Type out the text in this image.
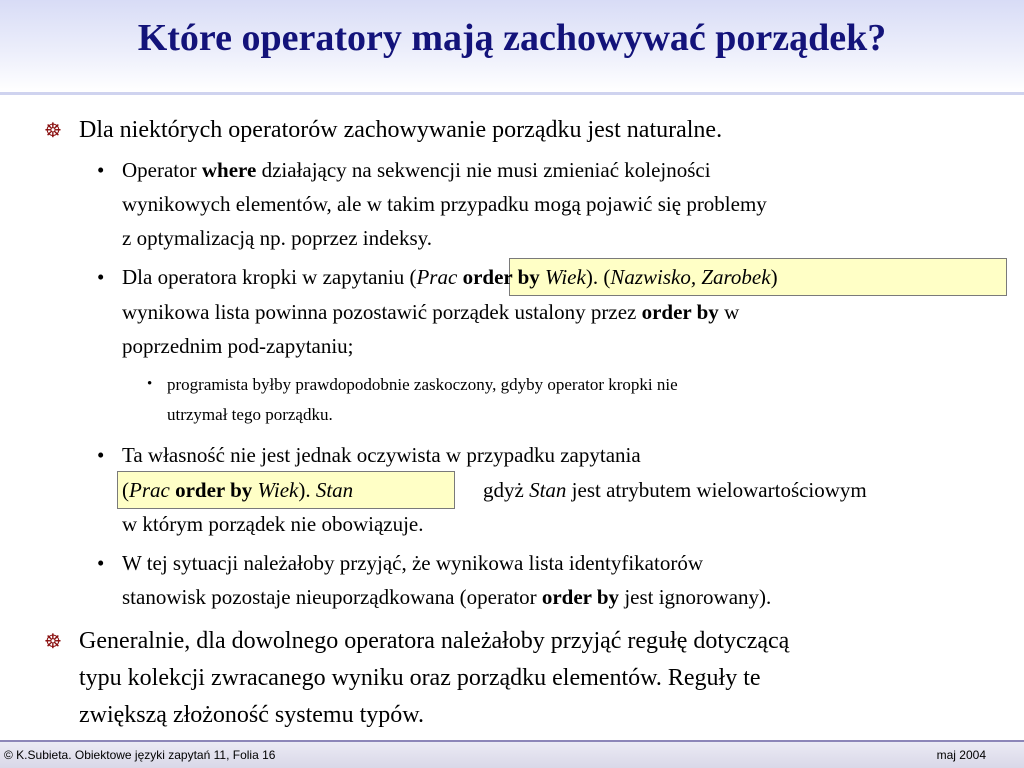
Które operatory mają zachowywać porządek?
☸ Dla niektórych operatorów zachowywanie porządku jest naturalne.
• Operator where działający na sekwencji nie musi zmieniać kolejności
wynikowych elementów, ale w takim przypadku mogą pojawić się problemy
z optymalizacją np. poprzez indeksy.
• Dla operatora kropki w zapytaniu (Prac order by Wiek). (Nazwisko, Zarobek)
wynikowa lista powinna pozostawić porządek ustalony przez order by w
poprzednim pod-zapytaniu;
• programista byłby prawdopodobnie zaskoczony, gdyby operator kropki nie
utrzymał tego porządku.
• Ta własność nie jest jednak oczywista w przypadku zapytania
(Prac order by Wiek). Stan	gdyż Stan jest atrybutem wielowartościowym
w którym porządek nie obowiązuje.
• W tej sytuacji należałoby przyjąć, że wynikowa lista identyfikatorów
stanowisk pozostaje nieuporządkowana (operator order by jest ignorowany).
☸ Generalnie, dla dowolnego operatora należałoby przyjąć regułę dotyczącą
typu kolekcji zwracanego wyniku oraz porządku elementów. Reguły te
zwiększą złożoność systemu typów.
© K.Subieta. Obiektowe języki zapytań 11, Folia 16	maj 2004
